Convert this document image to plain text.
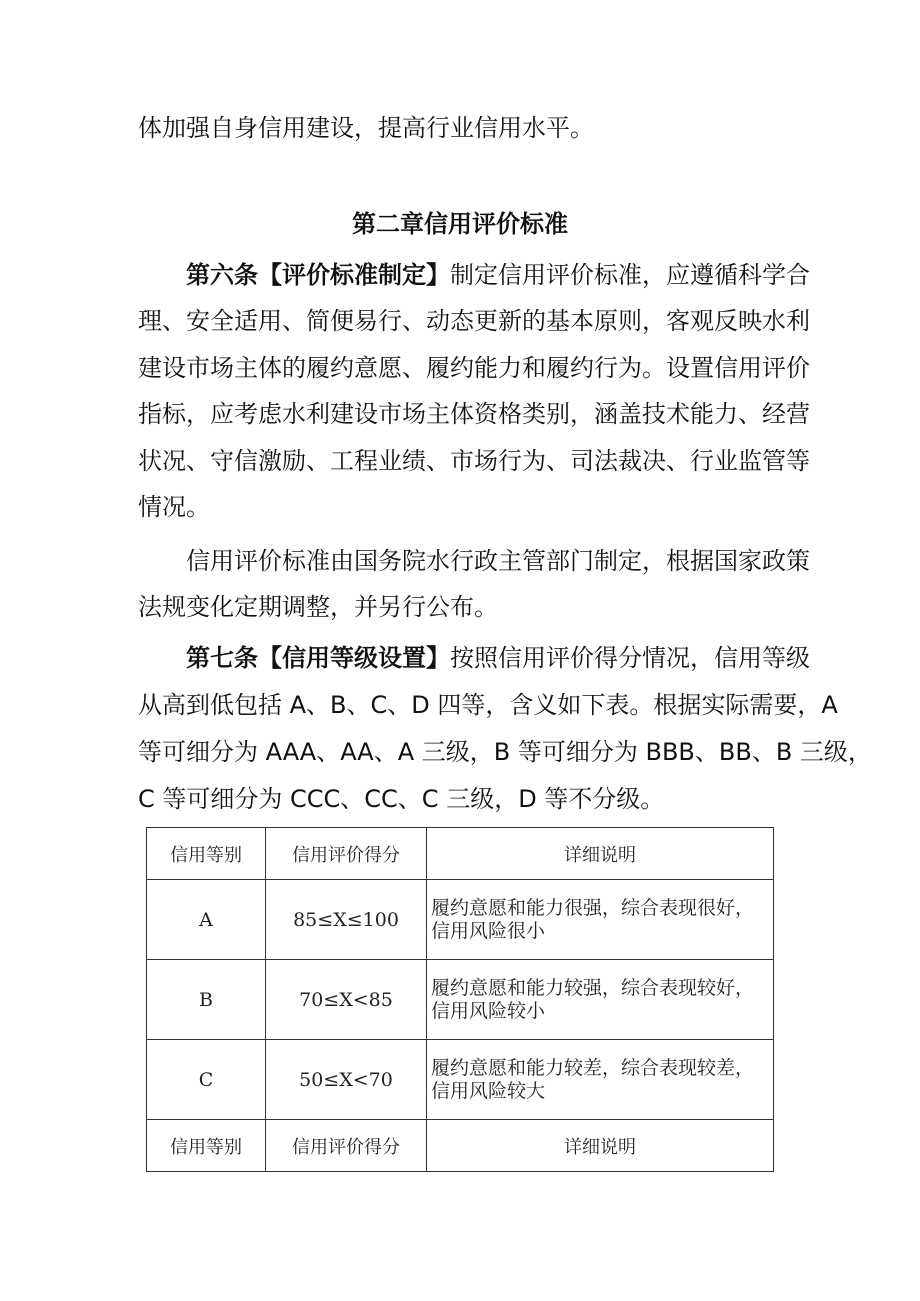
体加强自身信用建设，提高行业信用水平。
第二章信用评价标准
第六条【评价标准制定】制定信用评价标准，应遵循科学合
理、安全适用、简便易行、动态更新的基本原则，客观反映水利
建设市场主体的履约意愿、履约能力和履约行为。设置信用评价
指标，应考虑水利建设市场主体资格类别，涵盖技术能力、经营
状况、守信激励、工程业绩、市场行为、司法裁决、行业监管等
情况。
信用评价标准由国务院水行政主管部门制定，根据国家政策
法规变化定期调整，并另行公布。
第七条【信用等级设置】按照信用评价得分情况，信用等级
从高到低包括 A、B、C、D 四等，含义如下表。根据实际需要，A
等可细分为 AAA、AA、A 三级，B 等可细分为 BBB、BB、B 三级，
C 等可细分为 CCC、CC、C 三级，D 等不分级。
信用等别	信用评价得分	详细说明
A	85≤X≤100	履约意愿和能力很强，综合表现很好，
信用风险很小
B	70≤X<85	履约意愿和能力较强，综合表现较好，
信用风险较小
C	50≤X<70	履约意愿和能力较差，综合表现较差，
信用风险较大
信用等别	信用评价得分	详细说明
